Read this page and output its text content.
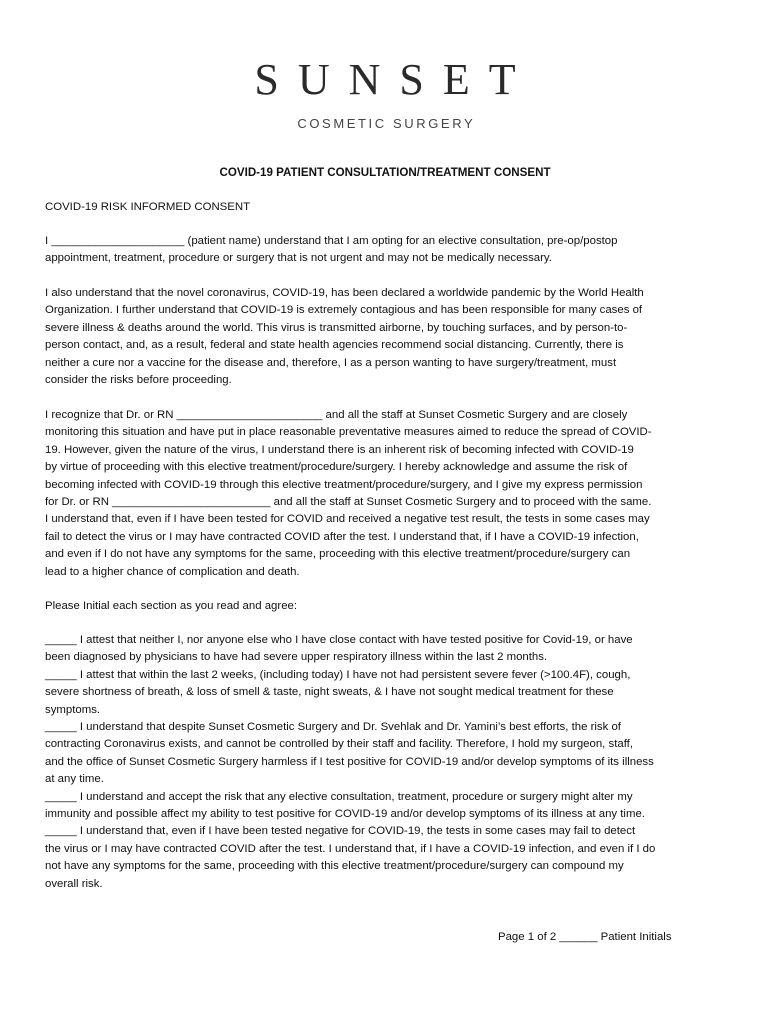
SUNSET
COSMETIC SURGERY
COVID-19 PATIENT CONSULTATION/TREATMENT CONSENT
COVID-19 RISK INFORMED CONSENT
I _____________________ (patient name) understand that I am opting for an elective consultation, pre-op/postop
appointment, treatment, procedure or surgery that is not urgent and may not be medically necessary.
I also understand that the novel coronavirus, COVID-19, has been declared a worldwide pandemic by the World Health
Organization. I further understand that COVID-19 is extremely contagious and has been responsible for many cases of
severe illness & deaths around the world. This virus is transmitted airborne, by touching surfaces, and by person-to-
person contact, and, as a result, federal and state health agencies recommend social distancing. Currently, there is
neither a cure nor a vaccine for the disease and, therefore, I as a person wanting to have surgery/treatment, must
consider the risks before proceeding.
I recognize that Dr. or RN _______________________ and all the staff at Sunset Cosmetic Surgery and are closely
monitoring this situation and have put in place reasonable preventative measures aimed to reduce the spread of COVID-
19. However, given the nature of the virus, I understand there is an inherent risk of becoming infected with COVID-19
by virtue of proceeding with this elective treatment/procedure/surgery. I hereby acknowledge and assume the risk of
becoming infected with COVID-19 through this elective treatment/procedure/surgery, and I give my express permission
for Dr. or RN _________________________ and all the staff at Sunset Cosmetic Surgery and to proceed with the same.
I understand that, even if I have been tested for COVID and received a negative test result, the tests in some cases may
fail to detect the virus or I may have contracted COVID after the test. I understand that, if I have a COVID-19 infection,
and even if I do not have any symptoms for the same, proceeding with this elective treatment/procedure/surgery can
lead to a higher chance of complication and death.
Please Initial each section as you read and agree:
_____ I attest that neither I, nor anyone else who I have close contact with have tested positive for Covid-19, or have
been diagnosed by physicians to have had severe upper respiratory illness within the last 2 months.
_____ I attest that within the last 2 weeks, (including today) I have not had persistent severe fever (>100.4F), cough,
severe shortness of breath, & loss of smell & taste, night sweats, & I have not sought medical treatment for these
symptoms.
_____ I understand that despite Sunset Cosmetic Surgery and Dr. Svehlak and Dr. Yamini’s best efforts, the risk of
contracting Coronavirus exists, and cannot be controlled by their staff and facility. Therefore, I hold my surgeon, staff,
and the office of Sunset Cosmetic Surgery harmless if I test positive for COVID-19 and/or develop symptoms of its illness
at any time.
_____ I understand and accept the risk that any elective consultation, treatment, procedure or surgery might alter my
immunity and possible affect my ability to test positive for COVID-19 and/or develop symptoms of its illness at any time.
_____ I understand that, even if I have been tested negative for COVID-19, the tests in some cases may fail to detect
the virus or I may have contracted COVID after the test. I understand that, if I have a COVID-19 infection, and even if I do
not have any symptoms for the same, proceeding with this elective treatment/procedure/surgery can compound my
overall risk.
Page 1 of 2 ______ Patient Initials
